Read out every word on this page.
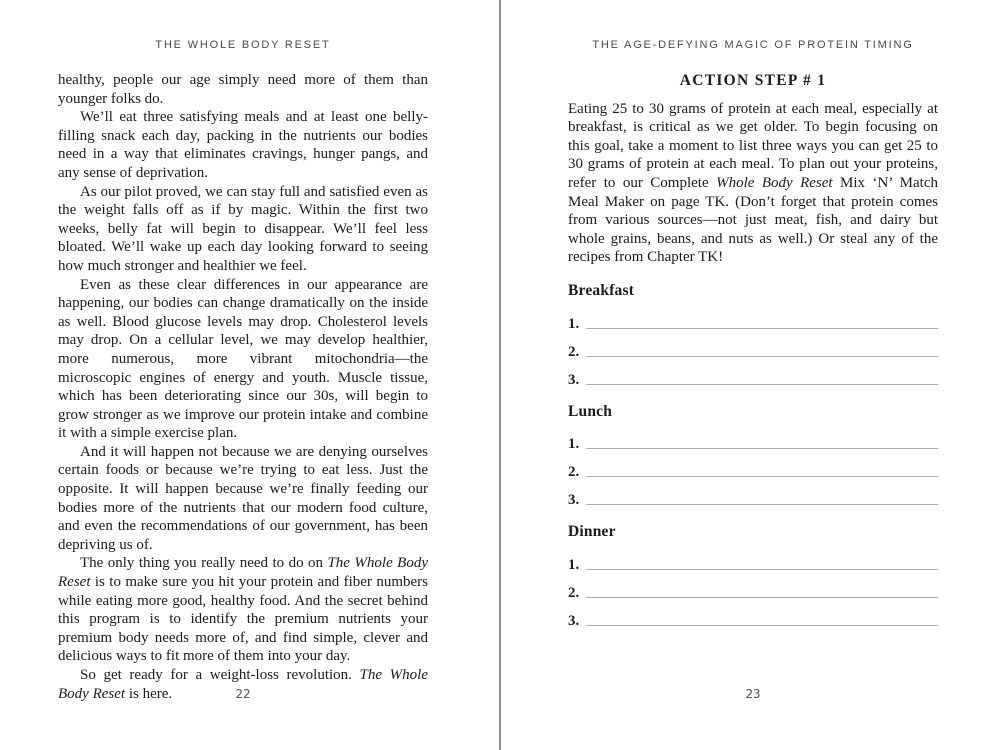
THE WHOLE BODY RESET

healthy, people our age simply need more of them than younger folks do.

We’ll eat three satisfying meals and at least one belly-filling snack each day, packing in the nutrients our bodies need in a way that eliminates cravings, hunger pangs, and any sense of deprivation.

As our pilot proved, we can stay full and satisfied even as the weight falls off as if by magic. Within the first two weeks, belly fat will begin to disappear. We’ll feel less bloated. We’ll wake up each day looking forward to seeing how much stronger and healthier we feel.

Even as these clear differences in our appearance are happening, our bodies can change dramatically on the inside as well. Blood glucose levels may drop. Cholesterol levels may drop. On a cellular level, we may develop healthier, more numerous, more vibrant mitochondria—the microscopic engines of energy and youth. Muscle tissue, which has been deteriorating since our 30s, will begin to grow stronger as we improve our protein intake and combine it with a simple exercise plan.

And it will happen not because we are denying ourselves certain foods or because we’re trying to eat less. Just the opposite. It will happen because we’re finally feeding our bodies more of the nutrients that our modern food culture, and even the recommendations of our government, has been depriving us of.

The only thing you really need to do on The Whole Body Reset is to make sure you hit your protein and fiber numbers while eating more good, healthy food. And the secret behind this program is to identify the premium nutrients your premium body needs more of, and find simple, clever and delicious ways to fit more of them into your day.

So get ready for a weight-loss revolution. The Whole Body Reset is here.	22
THE AGE-DEFYING MAGIC OF PROTEIN TIMING
ACTION STEP # 1

Eating 25 to 30 grams of protein at each meal, especially at breakfast, is critical as we get older. To begin focusing on this goal, take a moment to list three ways you can get 25 to 30 grams of protein at each meal. To plan out your proteins, refer to our Complete Whole Body Reset Mix ‘N’ Match Meal Maker on page TK. (Don’t forget that protein comes from various sources—not just meat, fish, and dairy but whole grains, beans, and nuts as well.) Or steal any of the recipes from Chapter TK!

Breakfast
1.
2.
3.
Lunch
1.
2.
3.
Dinner
1.
2.
3.
23
